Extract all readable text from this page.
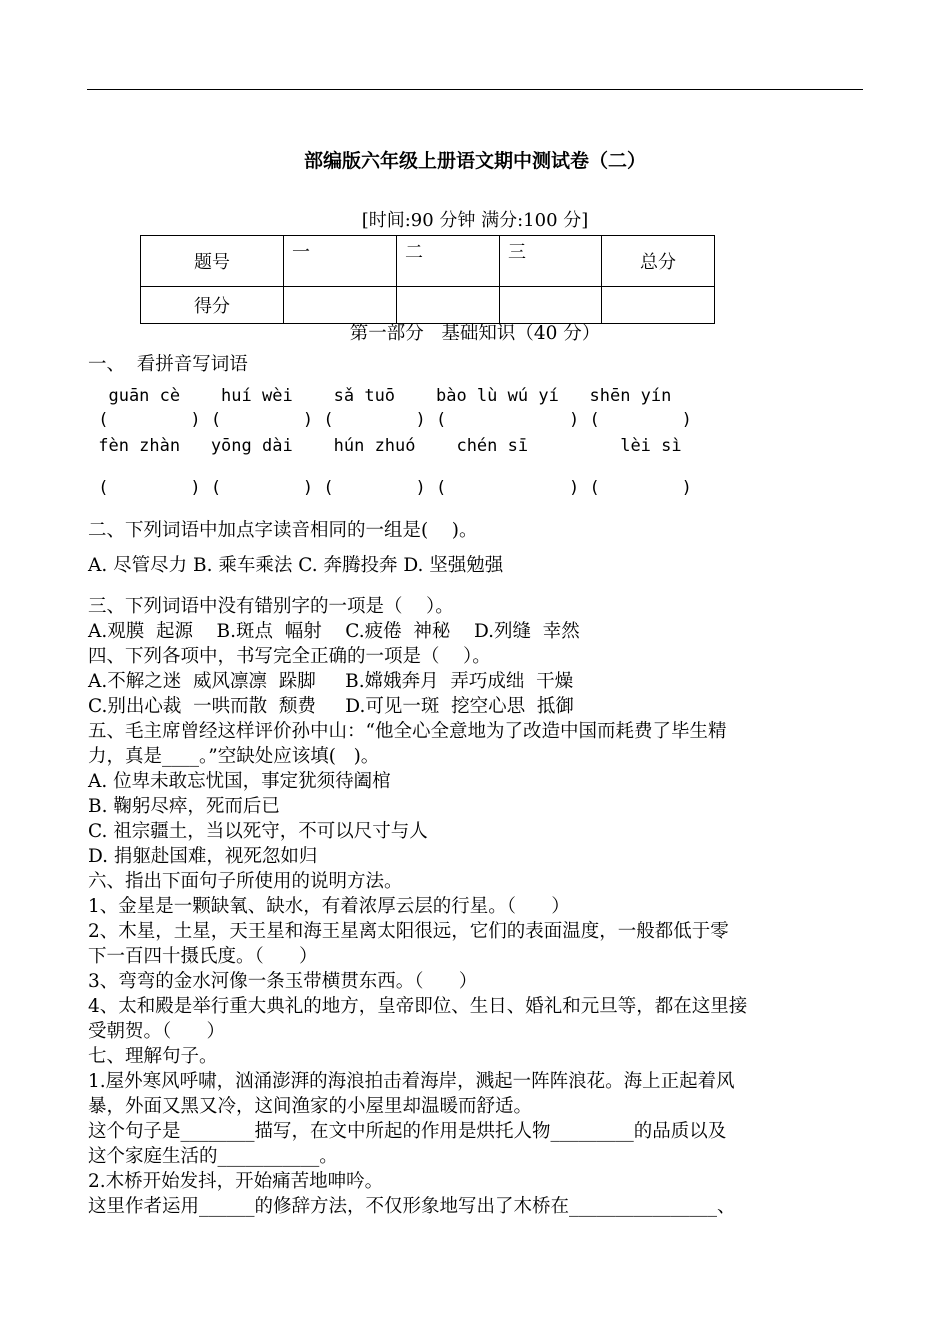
部编版六年级上册语文期中测试卷（二）
[时间:90 分钟 满分:100 分]
题号	一	二	三	总分
得分				
第一部分   基础知识（40 分）
一、  看拼音写词语
guān cè    huí wèi    sǎ tuō    bào lù wú yí   shēn yín
(        ) (        ) (        ) (            ) (        )
fèn zhàn   yōng dài    hún zhuó    chén sī         lèi sì
(        ) (        ) (        ) (            ) (        )
二、下列词语中加点字读音相同的一组是(    )。
A. 尽管尽力 B. 乘车乘法 C. 奔腾投奔 D. 坚强勉强
三、下列词语中没有错别字的一项是（    ）。
A.观膜  起源    B.斑点  幅射    C.疲倦  神秘    D.列缝  幸然
四、下列各项中，书写完全正确的一项是（    ）。
A.不解之迷  威风凛凛  跺脚     B.嫦娥奔月  弄巧成绌  干燥
C.别出心裁  一哄而散  颓费     D.可见一斑  挖空心思  抵御
五、毛主席曾经这样评价孙中山：“他全心全意地为了改造中国而耗费了毕生精
力，真是____。”空缺处应该填(   )。
A. 位卑未敢忘忧国，事定犹须待阖棺
B. 鞠躬尽瘁，死而后已
C. 祖宗疆土，当以死守，不可以尺寸与人
D. 捐躯赴国难，视死忽如归
六、指出下面句子所使用的说明方法。
1、金星是一颗缺氧、缺水，有着浓厚云层的行星。（      ）
2、木星，土星，天王星和海王星离太阳很远，它们的表面温度，一般都低于零
下一百四十摄氏度。（      ）
3、弯弯的金水河像一条玉带横贯东西。（      ）
4、太和殿是举行重大典礼的地方，皇帝即位、生日、婚礼和元旦等，都在这里接
受朝贺。（      ）
七、理解句子。
1.屋外寒风呼啸，汹涌澎湃的海浪拍击着海岸，溅起一阵阵浪花。海上正起着风
暴，外面又黑又冷，这间渔家的小屋里却温暖而舒适。
这个句子是________描写，在文中所起的作用是烘托人物_________的品质以及
这个家庭生活的___________。
2.木桥开始发抖，开始痛苦地呻吟。
这里作者运用______的修辞方法，不仅形象地写出了木桥在________________、
